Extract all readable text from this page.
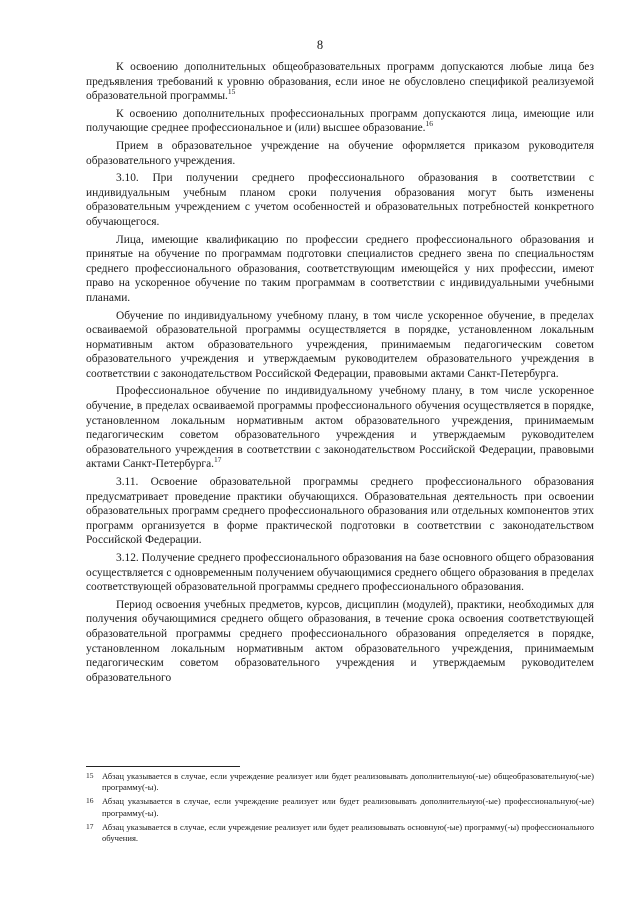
8

К освоению дополнительных общеобразовательных программ допускаются любые лица без предъявления требований к уровню образования, если иное не обусловлено спецификой реализуемой образовательной программы.$^{15}$

К освоению дополнительных профессиональных программ допускаются лица, имеющие или получающие среднее профессиональное и (или) высшее образование.$^{16}$

Прием в образовательное учреждение на обучение оформляется приказом руководителя образовательного учреждения.

3.10. При получении среднего профессионального образования в соответствии с индивидуальным учебным планом сроки получения образования могут быть изменены образовательным учреждением с учетом особенностей и образовательных потребностей конкретного обучающегося.

Лица, имеющие квалификацию по профессии среднего профессионального образования и принятые на обучение по программам подготовки специалистов среднего звена по специальностям среднего профессионального образования, соответствующим имеющейся у них профессии, имеют право на ускоренное обучение по таким программам в соответствии с индивидуальными учебными планами.

Обучение по индивидуальному учебному плану, в том числе ускоренное обучение, в пределах осваиваемой образовательной программы осуществляется в порядке, установленном локальным нормативным актом образовательного учреждения, принимаемым педагогическим советом образовательного учреждения и утверждаемым руководителем образовательного учреждения в соответствии с законодательством Российской Федерации, правовыми актами Санкт-Петербурга.

Профессиональное обучение по индивидуальному учебному плану, в том числе ускоренное обучение, в пределах осваиваемой программы профессионального обучения осуществляется в порядке, установленном локальным нормативным актом образовательного учреждения, принимаемым педагогическим советом образовательного учреждения и утверждаемым руководителем образовательного учреждения в соответствии с законодательством Российской Федерации, правовыми актами Санкт-Петербурга.$^{17}$

3.11. Освоение образовательной программы среднего профессионального образования предусматривает проведение практики обучающихся. Образовательная деятельность при освоении образовательных программ среднего профессионального образования или отдельных компонентов этих программ организуется в форме практической подготовки в соответствии с законодательством Российской Федерации.

3.12. Получение среднего профессионального образования на базе основного общего образования осуществляется с одновременным получением обучающимися среднего общего образования в пределах соответствующей образовательной программы среднего профессионального образования.

Период освоения учебных предметов, курсов, дисциплин (модулей), практики, необходимых для получения обучающимися среднего общего образования, в течение срока освоения соответствующей образовательной программы среднего профессионального образования определяется в порядке, установленном локальным нормативным актом образовательного учреждения, принимаемым педагогическим советом образовательного учреждения и утверждаемым руководителем образовательного

15 Абзац указывается в случае, если учреждение реализует или будет реализовывать дополнительную(-ые) общеобразовательную(-ые) программу(-ы).
16 Абзац указывается в случае, если учреждение реализует или будет реализовывать дополнительную(-ые) профессиональную(-ые) программу(-ы).
17 Абзац указывается в случае, если учреждение реализует или будет реализовывать основную(-ые) программу(-ы) профессионального обучения.
